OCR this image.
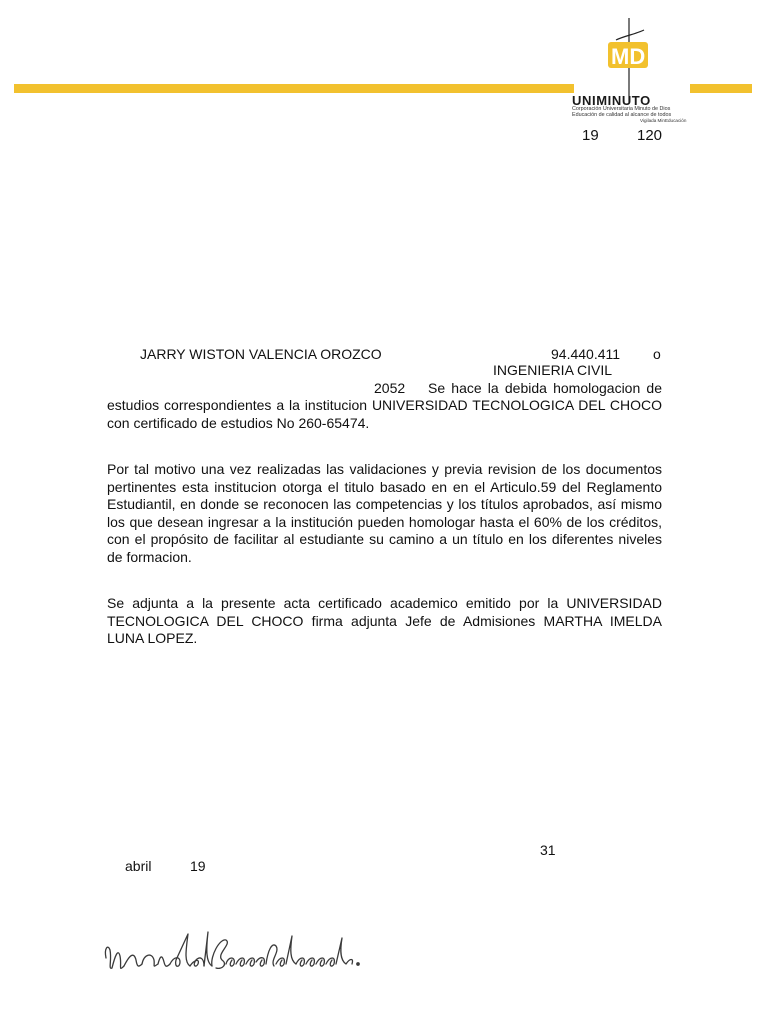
MD
UNIMINUTO
Corporación Universitaria Minuto de Dios
Educación de calidad al alcance de todos
Vigilada MinEducación
19	120
JARRY WISTON VALENCIA OROZCO	94.440.411 o
INGENIERIA CIVIL
2052 Se hace la debida homologacion de
estudios correspondientes a la institucion UNIVERSIDAD TECNOLOGICA DEL CHOCO con certificado de estudios No 260-65474.
Por tal motivo una vez realizadas las validaciones y previa revision de los documentos pertinentes esta institucion otorga el titulo basado en en el Articulo.59 del Reglamento Estudiantil, en donde se reconocen las competencias y los títulos aprobados, así mismo los que desean ingresar a la institución pueden homologar hasta el 60% de los créditos, con el propósito de facilitar al estudiante su camino a un título en los diferentes niveles de formacion.
Se adjunta a la presente acta certificado academico emitido por la UNIVERSIDAD TECNOLOGICA DEL CHOCO firma adjunta Jefe de Admisiones MARTHA IMELDA LUNA LOPEZ.
31
abril	19
